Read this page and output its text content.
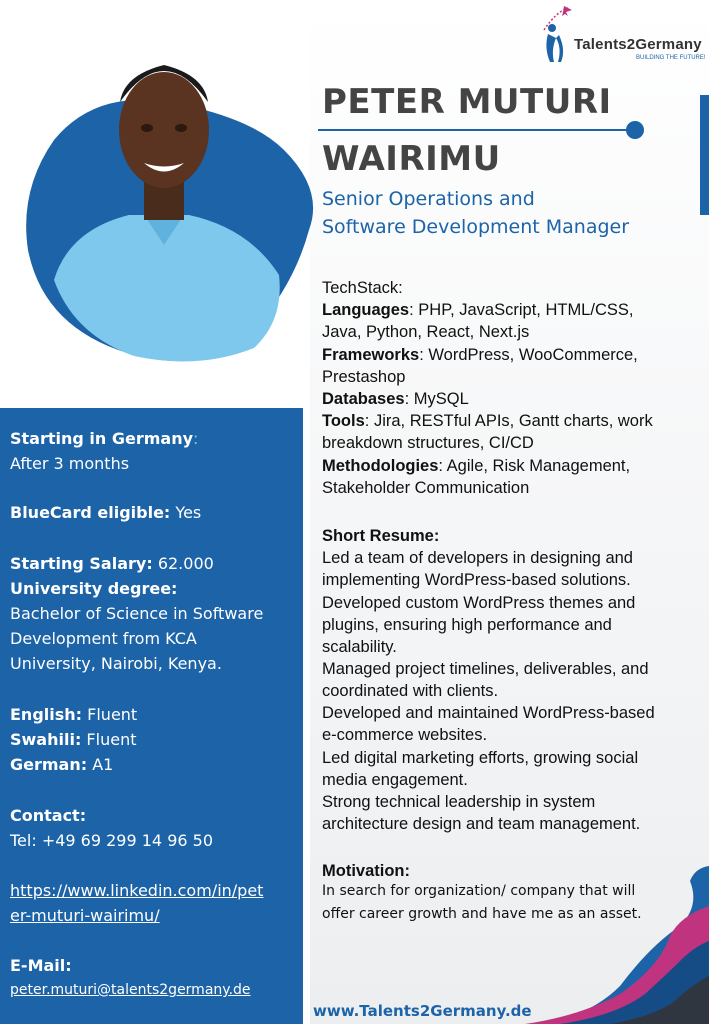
Talents2Germany
BUILDING THE FUTURE!
PETER MUTURI
WAIRIMU
Senior Operations and
Software Development Manager
TechStack:
Languages: PHP, JavaScript, HTML/CSS,
Java, Python, React, Next.js
Frameworks: WordPress, WooCommerce,
Prestashop
Databases: MySQL
Tools: Jira, RESTful APIs, Gantt charts, work
breakdown structures, CI/CD
Methodologies: Agile, Risk Management,
Stakeholder Communication
Short Resume:
Led a team of developers in designing and
implementing WordPress-based solutions.
Developed custom WordPress themes and
plugins, ensuring high performance and
scalability.
Managed project timelines, deliverables, and
coordinated with clients.
Developed and maintained WordPress-based
e-commerce websites.
Led digital marketing efforts, growing social
media engagement.
Strong technical leadership in system
architecture design and team management.
Motivation:
In search for organization/ company that will
offer career growth and have me as an asset.
www.Talents2Germany.de
Starting in Germany:
After 3 months
BlueCard eligible: Yes
Starting Salary: 62.000
University degree:
Bachelor of Science in Software
Development from KCA
University, Nairobi, Kenya.
English: Fluent
Swahili: Fluent
German: A1
Contact:
Tel: +49 69 299 14 96 50
https://www.linkedin.com/in/pet
er-muturi-wairimu/
E-Mail:
peter.muturi@talents2germany.de
